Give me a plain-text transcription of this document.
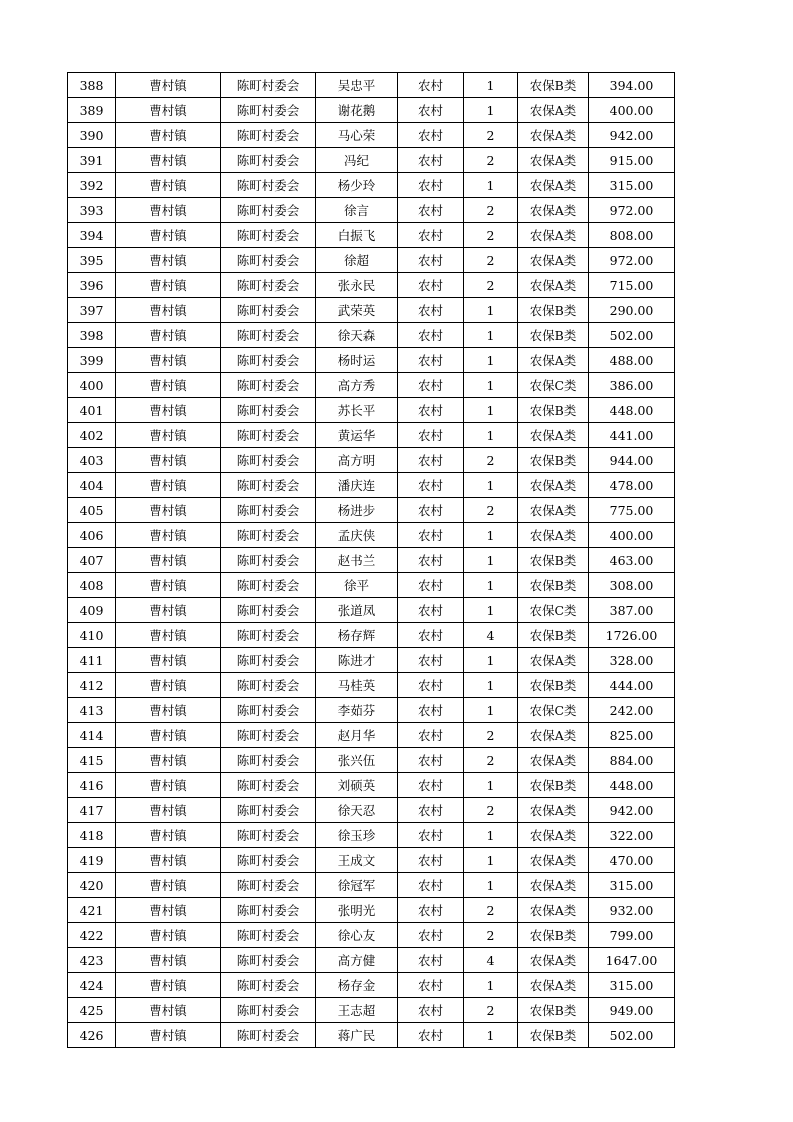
388	曹村镇	陈町村委会	吴忠平	农村	1	农保B类	394.00
389	曹村镇	陈町村委会	谢花鹅	农村	1	农保A类	400.00
390	曹村镇	陈町村委会	马心荣	农村	2	农保A类	942.00
391	曹村镇	陈町村委会	冯纪	农村	2	农保A类	915.00
392	曹村镇	陈町村委会	杨少玲	农村	1	农保A类	315.00
393	曹村镇	陈町村委会	徐言	农村	2	农保A类	972.00
394	曹村镇	陈町村委会	白振飞	农村	2	农保A类	808.00
395	曹村镇	陈町村委会	徐超	农村	2	农保A类	972.00
396	曹村镇	陈町村委会	张永民	农村	2	农保A类	715.00
397	曹村镇	陈町村委会	武荣英	农村	1	农保B类	290.00
398	曹村镇	陈町村委会	徐天森	农村	1	农保B类	502.00
399	曹村镇	陈町村委会	杨时运	农村	1	农保A类	488.00
400	曹村镇	陈町村委会	高方秀	农村	1	农保C类	386.00
401	曹村镇	陈町村委会	苏长平	农村	1	农保B类	448.00
402	曹村镇	陈町村委会	黄运华	农村	1	农保A类	441.00
403	曹村镇	陈町村委会	高方明	农村	2	农保B类	944.00
404	曹村镇	陈町村委会	潘庆连	农村	1	农保A类	478.00
405	曹村镇	陈町村委会	杨进步	农村	2	农保A类	775.00
406	曹村镇	陈町村委会	孟庆侠	农村	1	农保A类	400.00
407	曹村镇	陈町村委会	赵书兰	农村	1	农保B类	463.00
408	曹村镇	陈町村委会	徐平	农村	1	农保B类	308.00
409	曹村镇	陈町村委会	张道凤	农村	1	农保C类	387.00
410	曹村镇	陈町村委会	杨存辉	农村	4	农保B类	1726.00
411	曹村镇	陈町村委会	陈进才	农村	1	农保A类	328.00
412	曹村镇	陈町村委会	马桂英	农村	1	农保B类	444.00
413	曹村镇	陈町村委会	李茹芬	农村	1	农保C类	242.00
414	曹村镇	陈町村委会	赵月华	农村	2	农保A类	825.00
415	曹村镇	陈町村委会	张兴伍	农村	2	农保A类	884.00
416	曹村镇	陈町村委会	刘硕英	农村	1	农保B类	448.00
417	曹村镇	陈町村委会	徐天忍	农村	2	农保A类	942.00
418	曹村镇	陈町村委会	徐玉珍	农村	1	农保A类	322.00
419	曹村镇	陈町村委会	王成文	农村	1	农保A类	470.00
420	曹村镇	陈町村委会	徐冠军	农村	1	农保A类	315.00
421	曹村镇	陈町村委会	张明光	农村	2	农保A类	932.00
422	曹村镇	陈町村委会	徐心友	农村	2	农保B类	799.00
423	曹村镇	陈町村委会	高方健	农村	4	农保A类	1647.00
424	曹村镇	陈町村委会	杨存金	农村	1	农保A类	315.00
425	曹村镇	陈町村委会	王志超	农村	2	农保B类	949.00
426	曹村镇	陈町村委会	蒋广民	农村	1	农保B类	502.00
